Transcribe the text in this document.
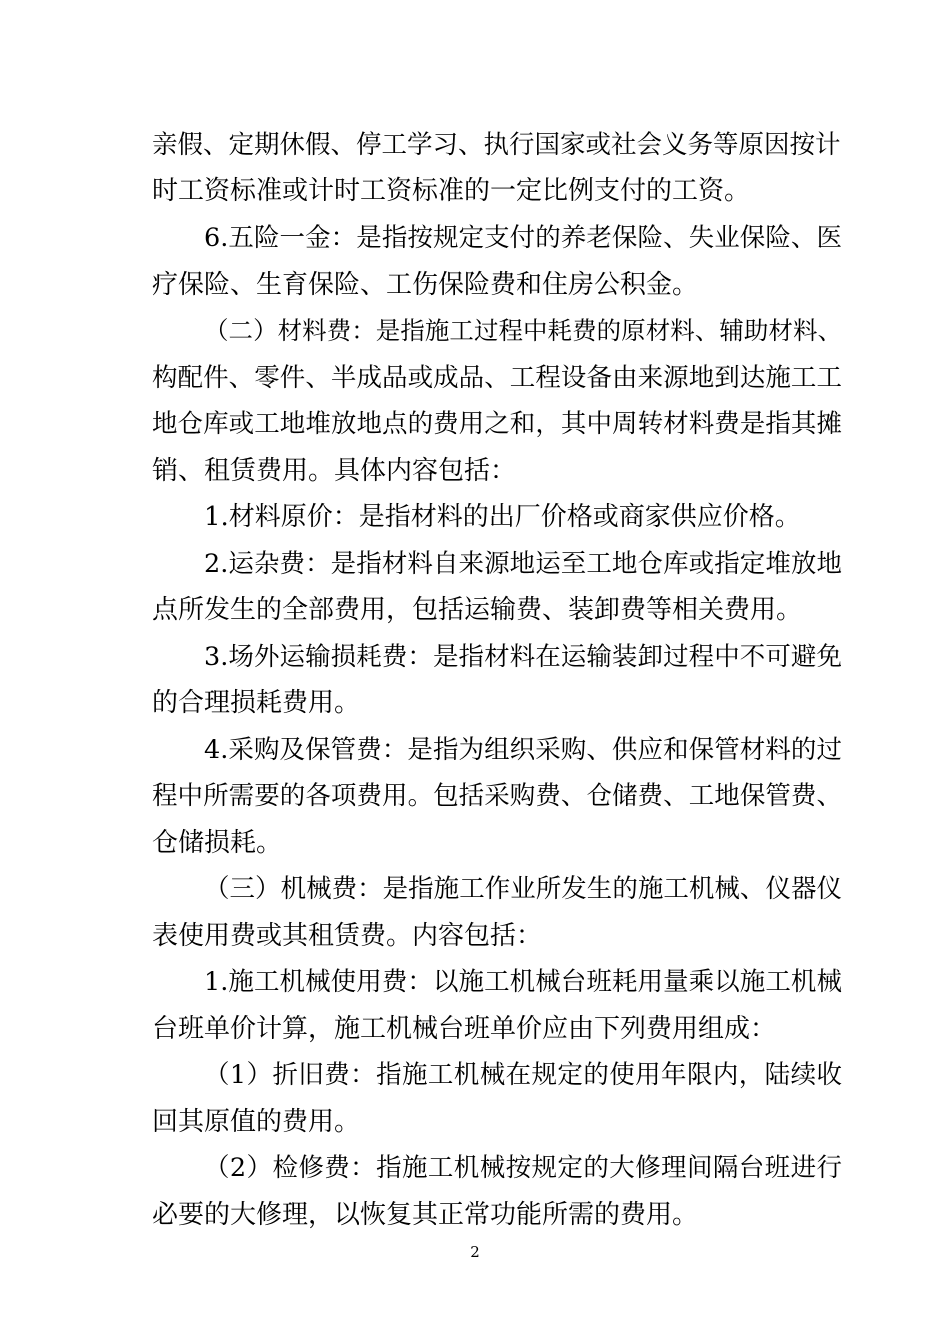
亲假、定期休假、停工学习、执行国家或社会义务等原因按计
时工资标准或计时工资标准的一定比例支付的工资。
6.五险一金：是指按规定支付的养老保险、失业保险、医
疗保险、生育保险、工伤保险费和住房公积金。
（二）材料费：是指施工过程中耗费的原材料、辅助材料、
构配件、零件、半成品或成品、工程设备由来源地到达施工工
地仓库或工地堆放地点的费用之和，其中周转材料费是指其摊
销、租赁费用。具体内容包括：
1.材料原价：是指材料的出厂价格或商家供应价格。
2.运杂费：是指材料自来源地运至工地仓库或指定堆放地
点所发生的全部费用，包括运输费、装卸费等相关费用。
3.场外运输损耗费：是指材料在运输装卸过程中不可避免
的合理损耗费用。
4.采购及保管费：是指为组织采购、供应和保管材料的过
程中所需要的各项费用。包括采购费、仓储费、工地保管费、
仓储损耗。
（三）机械费：是指施工作业所发生的施工机械、仪器仪
表使用费或其租赁费。内容包括：
1.施工机械使用费：以施工机械台班耗用量乘以施工机械
台班单价计算，施工机械台班单价应由下列费用组成：
（1）折旧费：指施工机械在规定的使用年限内，陆续收
回其原值的费用。
（2）检修费：指施工机械按规定的大修理间隔台班进行
必要的大修理，以恢复其正常功能所需的费用。
2
